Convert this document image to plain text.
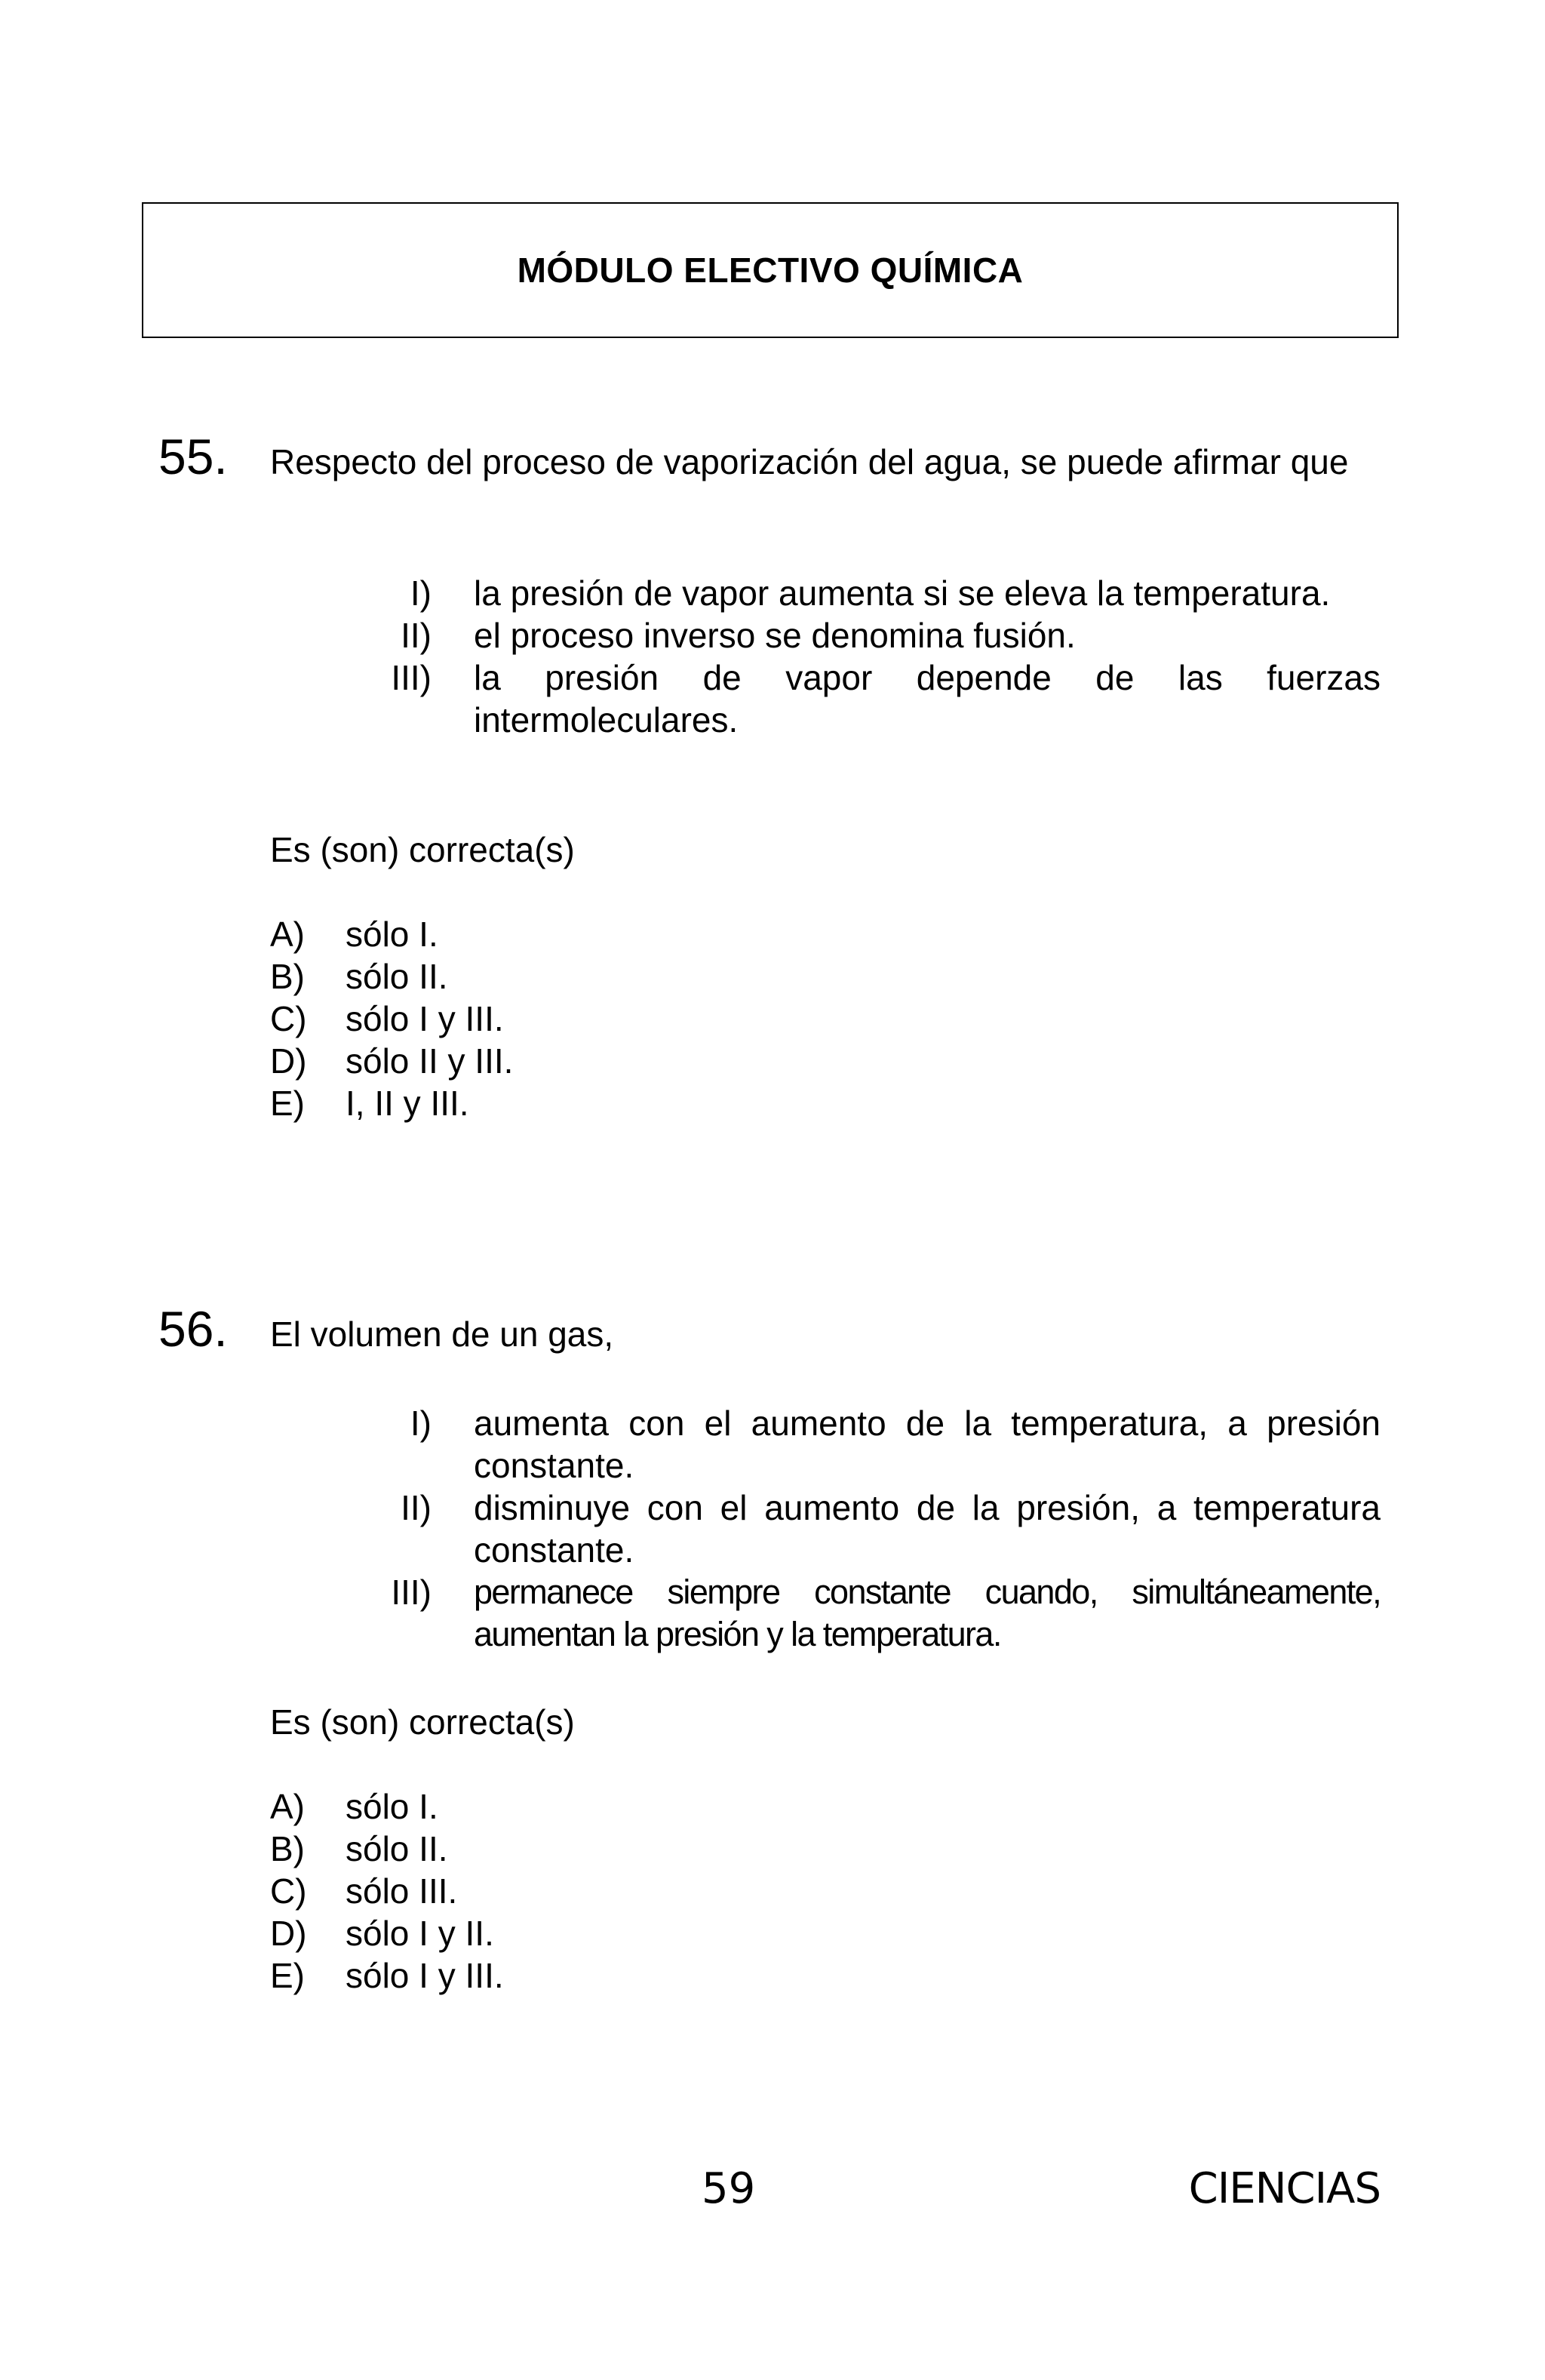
MÓDULO ELECTIVO QUÍMICA
55. Respecto del proceso de vaporización del agua, se puede afirmar que
I) la presión de vapor aumenta si se eleva la temperatura.
II) el proceso inverso se denomina fusión.
III) la presión de vapor depende de las fuerzas intermoleculares.
Es (son) correcta(s)
A)	sólo I.
B)	sólo II.
C)	sólo I y III.
D)	sólo II y III.
E)	I, II y III.
56. El volumen de un gas,
I) aumenta con el aumento de la temperatura, a presión constante.
II) disminuye con el aumento de la presión, a temperatura constante.
III) permanece siempre constante cuando, simultáneamente, aumentan la presión y la temperatura.
Es (son) correcta(s)
A)	sólo I.
B)	sólo II.
C)	sólo III.
D)	sólo I y II.
E)	sólo I y III.
59	CIENCIAS
